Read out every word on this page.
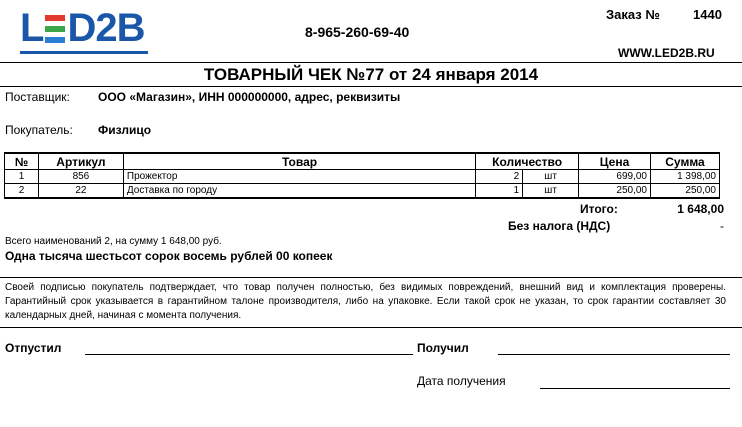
L D2B	8-965-260-69-40
Заказ №	1440
WWW.LED2B.RU
ТОВАРНЫЙ ЧЕК №77 от 24 января 2014
Поставщик: ООО «Магазин», ИНН 000000000, адрес, реквизиты
Покупатель: Физлицо
№	Артикул	Товар	Количество		Цена	Сумма
1	856	Прожектор	2	шт	699,00	1 398,00
2	22	Доставка по городу	1	шт	250,00	250,00
Итого:	1 648,00
Без налога (НДС)	-
Всего наименований 2, на сумму 1 648,00 руб.
Одна тысяча шестьсот сорок восемь рублей 00 копеек
Своей подписью покупатель подтверждает, что товар получен полностью, без видимых повреждений, внешний вид и комплектация проверены. Гарантийный срок указывается в гарантийном талоне производителя, либо на упаковке. Если такой срок не указан, то срок гарантии составляет 30 календарных дней, начиная с момента получения.
Отпустил	Получил
Дата получения
